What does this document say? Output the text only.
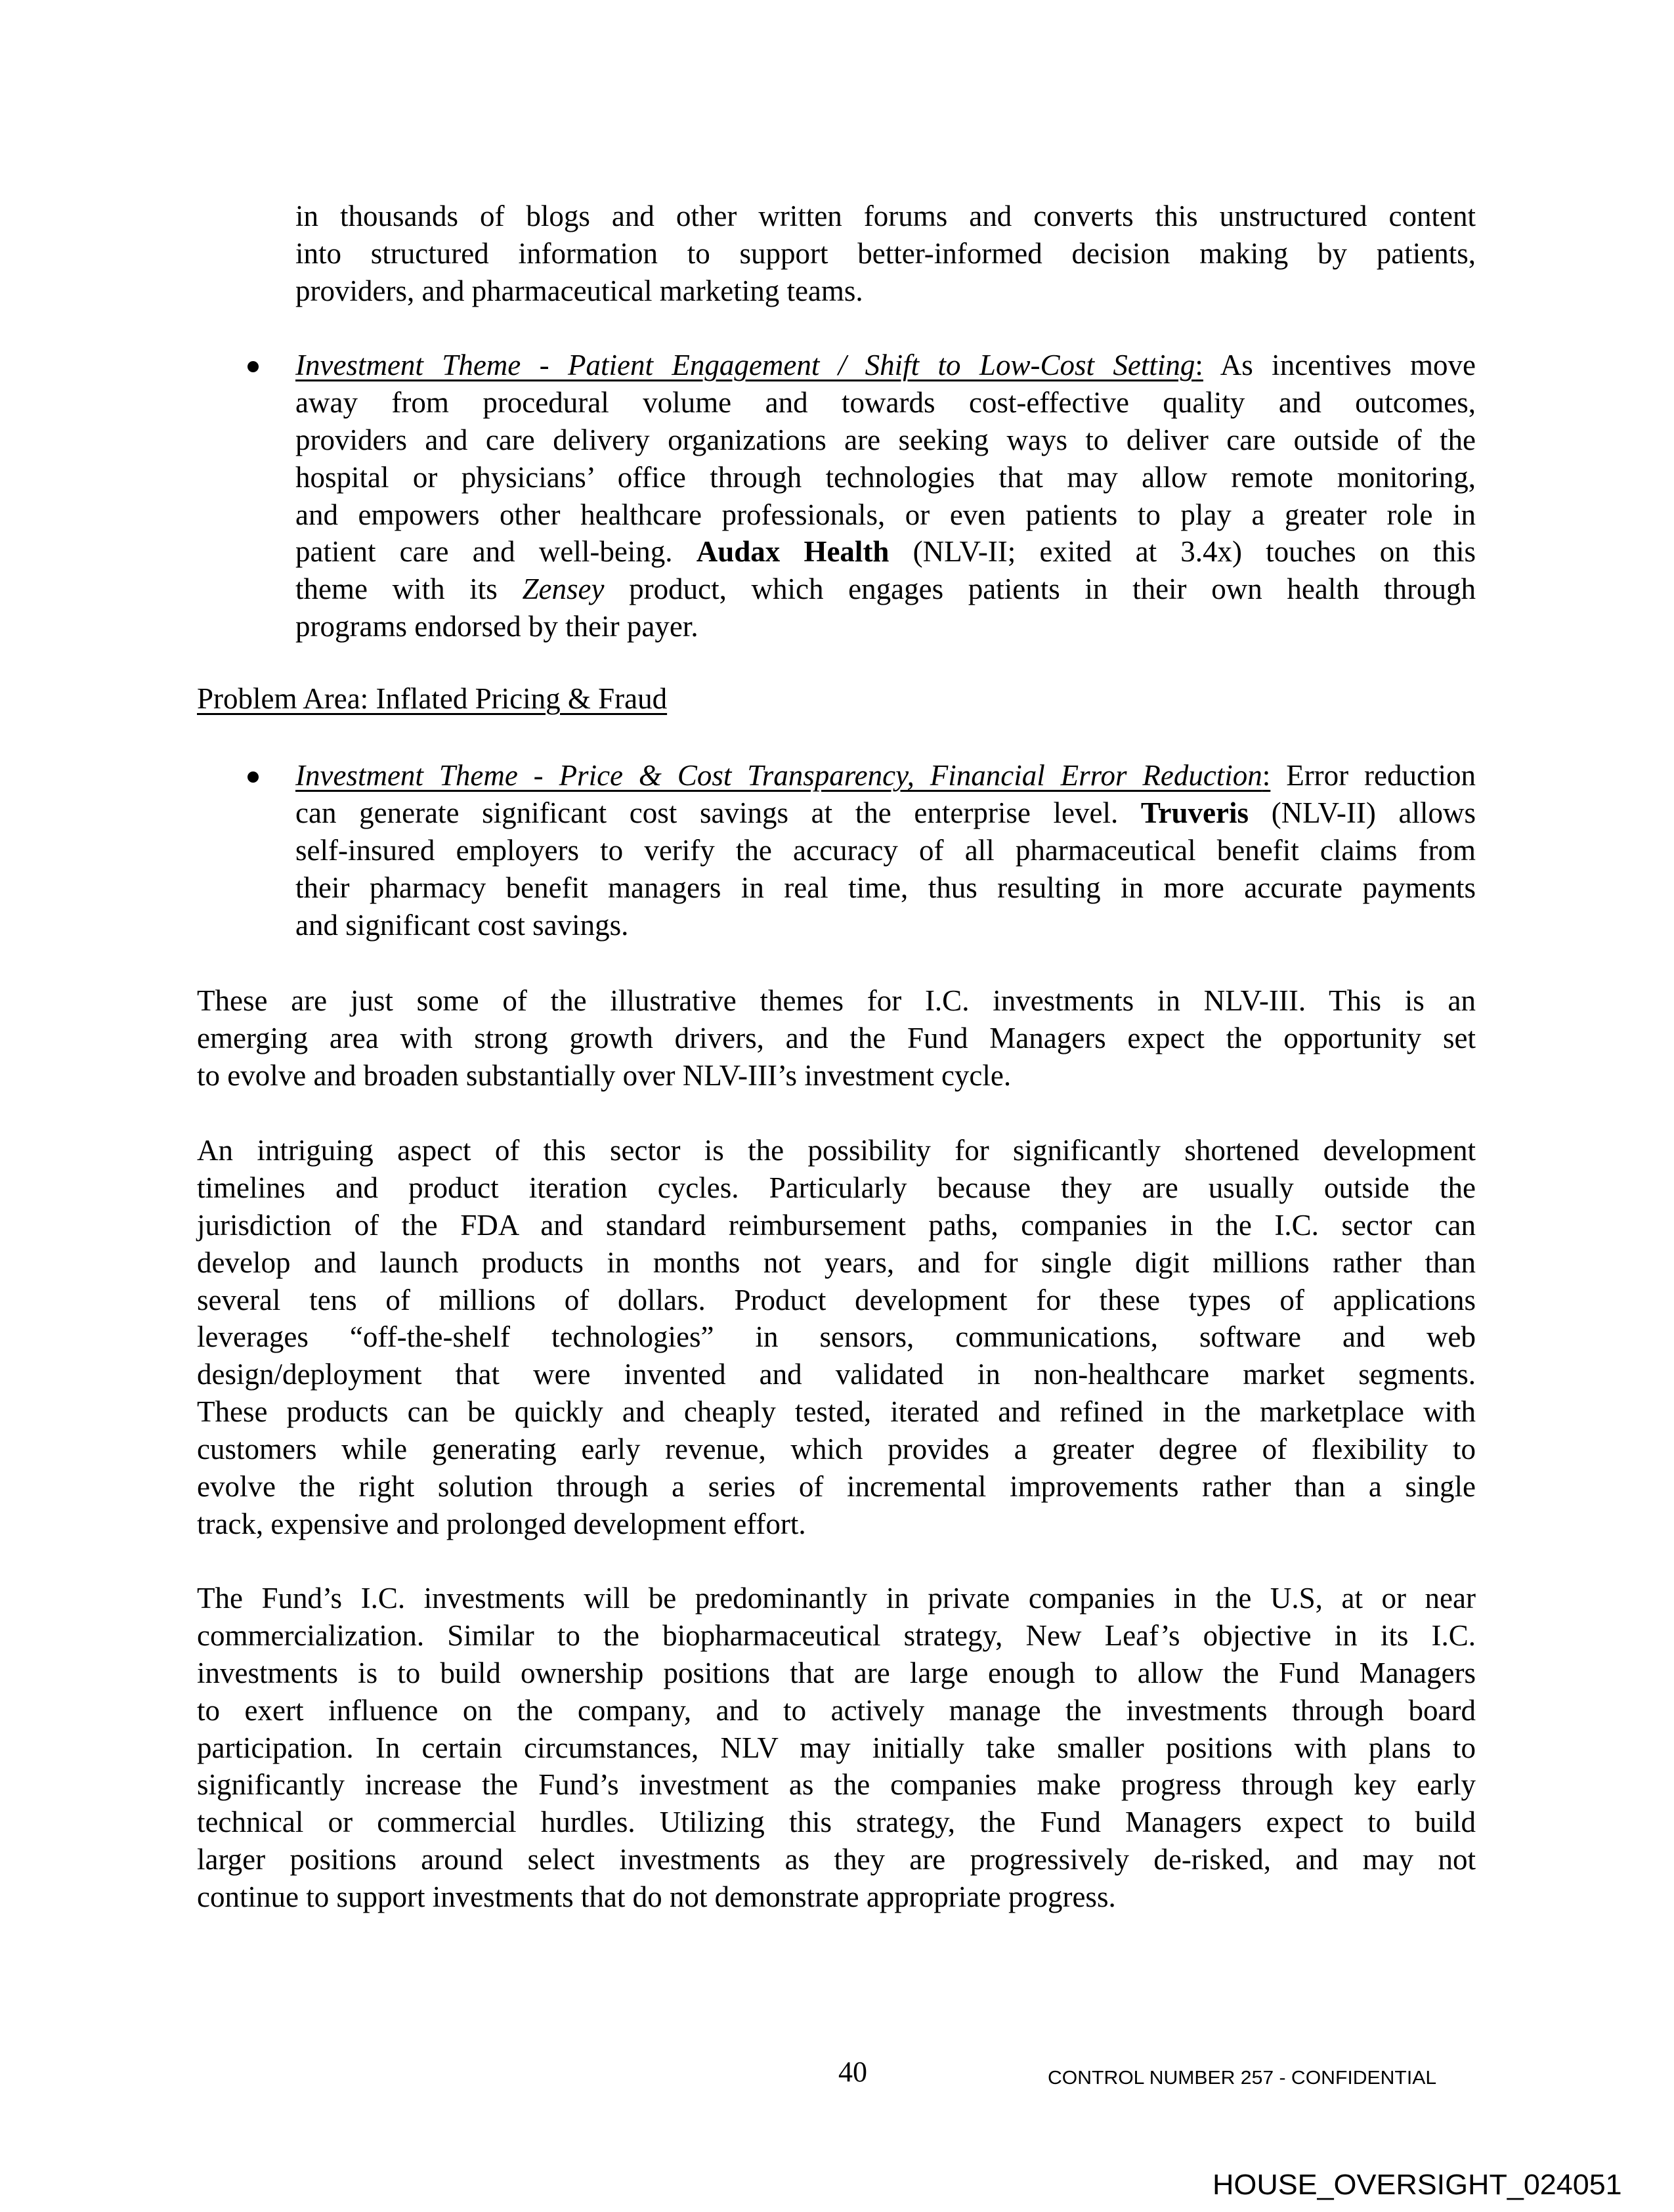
in thousands of blogs and other written forums and converts this unstructured content
into structured information to support better-informed decision making by patients,
providers, and pharmaceutical marketing teams.
Investment Theme - Patient Engagement / Shift to Low-Cost Setting: As incentives move
away from procedural volume and towards cost-effective quality and outcomes,
providers and care delivery organizations are seeking ways to deliver care outside of the
hospital or physicians’ office through technologies that may allow remote monitoring,
and empowers other healthcare professionals, or even patients to play a greater role in
patient care and well-being. Audax Health (NLV-II; exited at 3.4x) touches on this
theme with its Zensey product, which engages patients in their own health through
programs endorsed by their payer.
Problem Area: Inflated Pricing & Fraud
Investment Theme - Price & Cost Transparency, Financial Error Reduction: Error reduction
can generate significant cost savings at the enterprise level. Truveris (NLV-II) allows
self-insured employers to verify the accuracy of all pharmaceutical benefit claims from
their pharmacy benefit managers in real time, thus resulting in more accurate payments
and significant cost savings.
These are just some of the illustrative themes for I.C. investments in NLV-III. This is an
emerging area with strong growth drivers, and the Fund Managers expect the opportunity set
to evolve and broaden substantially over NLV-III’s investment cycle.
An intriguing aspect of this sector is the possibility for significantly shortened development
timelines and product iteration cycles. Particularly because they are usually outside the
jurisdiction of the FDA and standard reimbursement paths, companies in the I.C. sector can
develop and launch products in months not years, and for single digit millions rather than
several tens of millions of dollars. Product development for these types of applications
leverages “off-the-shelf technologies” in sensors, communications, software and web
design/deployment that were invented and validated in non-healthcare market segments.
These products can be quickly and cheaply tested, iterated and refined in the marketplace with
customers while generating early revenue, which provides a greater degree of flexibility to
evolve the right solution through a series of incremental improvements rather than a single
track, expensive and prolonged development effort.
The Fund’s I.C. investments will be predominantly in private companies in the U.S, at or near
commercialization. Similar to the biopharmaceutical strategy, New Leaf’s objective in its I.C.
investments is to build ownership positions that are large enough to allow the Fund Managers
to exert influence on the company, and to actively manage the investments through board
participation. In certain circumstances, NLV may initially take smaller positions with plans to
significantly increase the Fund’s investment as the companies make progress through key early
technical or commercial hurdles. Utilizing this strategy, the Fund Managers expect to build
larger positions around select investments as they are progressively de-risked, and may not
continue to support investments that do not demonstrate appropriate progress.
40	CONTROL NUMBER 257 - CONFIDENTIAL
HOUSE_OVERSIGHT_024051
